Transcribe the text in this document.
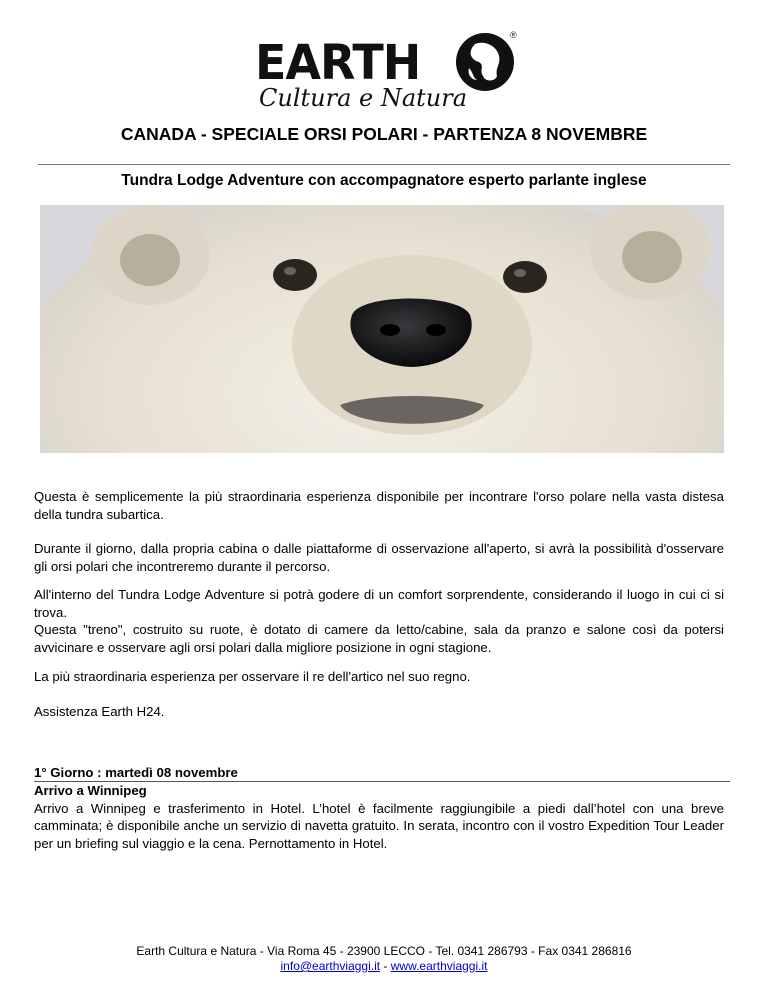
EARTH	®
Cultura e Natura
CANADA - SPECIALE ORSI POLARI - PARTENZA 8 NOVEMBRE
Tundra Lodge Adventure con accompagnatore esperto parlante inglese

Questa è semplicemente la più straordinaria esperienza disponibile per incontrare l'orso polare nella vasta distesa della tundra subartica.

Durante il giorno, dalla propria cabina o dalle piattaforme di osservazione all'aperto, si avrà la possibilità d'osservare gli orsi polari che incontreremo durante il percorso.

All'interno del Tundra Lodge Adventure si potrà godere di un comfort sorprendente, considerando il luogo in cui ci si trova.

Questa "treno", costruito su ruote, è dotato di camere da letto/cabine, sala da pranzo e salone così da potersi avvicinare e osservare agli orsi polari dalla migliore posizione in ogni stagione.

La più straordinaria esperienza per osservare il re dell'artico nel suo regno.

Assistenza Earth H24.

1° Giorno : martedì 08 novembre

Arrivo a Winnipeg

Arrivo a Winnipeg e trasferimento in Hotel. L’hotel è facilmente raggiungibile a piedi dall’hotel con una breve camminata; è disponibile anche un servizio di navetta gratuito. In serata, incontro con il vostro Expedition Tour Leader per un briefing sul viaggio e la cena. Pernottamento in Hotel.

Earth Cultura e Natura - Via Roma 45 - 23900 LECCO - Tel. 0341 286793 - Fax 0341 286816
info@earthviaggi.it - www.earthviaggi.it
